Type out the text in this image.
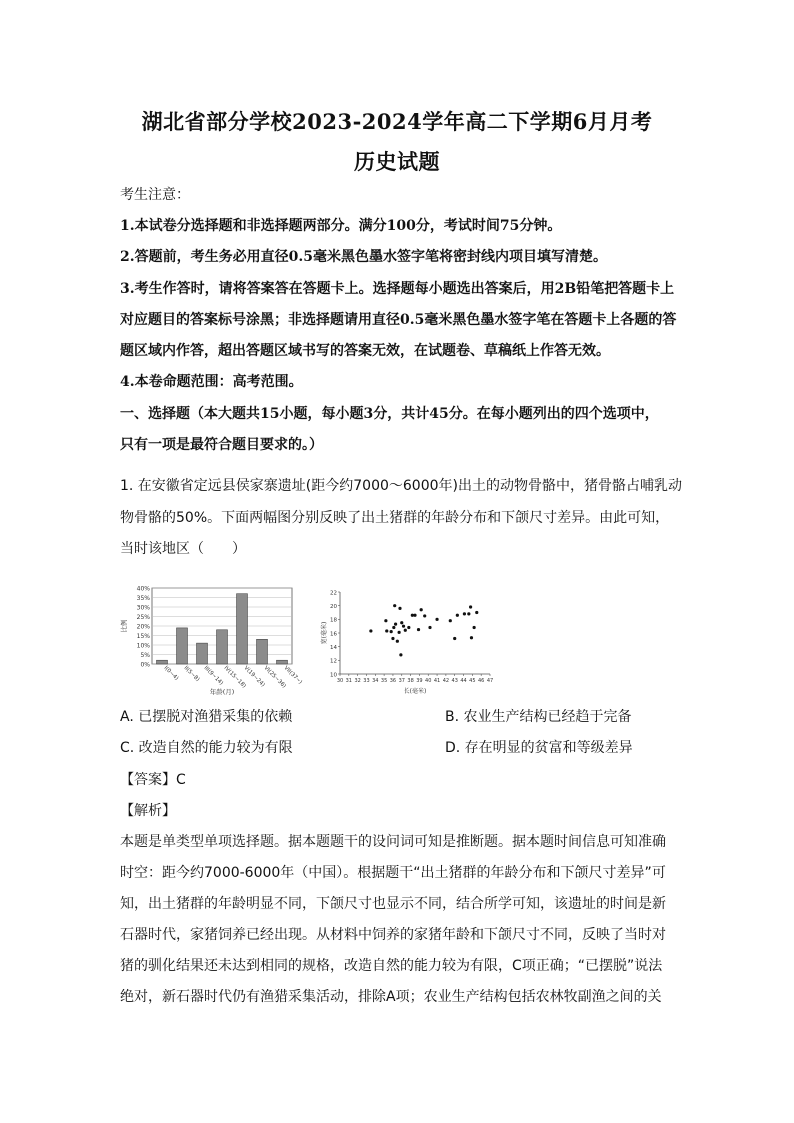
湖北省部分学校2023-2024学年高二下学期6月月考
历史试题
考生注意：
1.本试卷分选择题和非选择题两部分。满分100分，考试时间75分钟。
2.答题前，考生务必用直径0.5毫米黑色墨水签字笔将密封线内项目填写清楚。
3.考生作答时，请将答案答在答题卡上。选择题每小题选出答案后，用2B铅笔把答题卡上
对应题目的答案标号涂黑；非选择题请用直径0.5毫米黑色墨水签字笔在答题卡上各题的答
题区域内作答，超出答题区域书写的答案无效，在试题卷、草稿纸上作答无效。
4.本卷命题范围：高考范围。
一、选择题（本大题共15小题，每小题3分，共计45分。在每小题列出的四个选项中，
只有一项是最符合题目要求的。）
1. 在安徽省定远县侯家寨遗址(距今约7000～6000年)出土的动物骨骼中，猪骨骼占哺乳动
物骨骼的50%。下面两幅图分别反映了出土猪群的年龄分布和下颌尺寸差异。由此可知，
当时该地区（　　）
0%
5%
10%
15%
20%
25%
30%
35%
40%
I(0~4) II(5~8) III(9~14)
IV(15~18)
V(19~24)
VI(25~36)
VII(37~)
比例
年龄(月)
10
12
14
16
18
20
22
30 31 32 33 34 35 36 37 38 39 40 41 42 43 44 45 46 47
宽(毫米)
长(毫米)
A. 已摆脱对渔猎采集的依赖	B. 农业生产结构已经趋于完备
C. 改造自然的能力较为有限	D. 存在明显的贫富和等级差异
【答案】C
【解析】
本题是单类型单项选择题。据本题题干的设问词可知是推断题。据本题时间信息可知准确
时空：距今约7000-6000年（中国）。根据题干“出土猪群的年龄分布和下颌尺寸差异”可
知，出土猪群的年龄明显不同，下颌尺寸也显示不同，结合所学可知，该遗址的时间是新
石器时代，家猪饲养已经出现。从材料中饲养的家猪年龄和下颌尺寸不同，反映了当时对
猪的驯化结果还未达到相同的规格，改造自然的能力较为有限，C项正确；“已摆脱”说法
绝对，新石器时代仍有渔猎采集活动，排除A项；农业生产结构包括农林牧副渔之间的关
